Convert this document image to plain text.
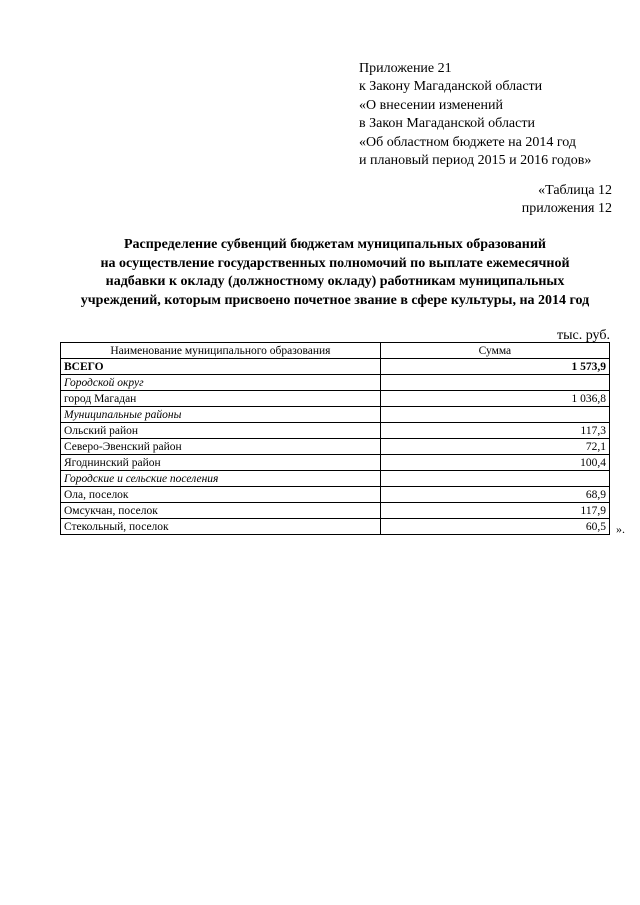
Приложение 21
к Закону Магаданской области
«О внесении изменений
в Закон Магаданской области
«Об областном бюджете на 2014 год
и плановый период 2015 и 2016 годов»
«Таблица 12
приложения 12
Распределение субвенций бюджетам муниципальных образований
на осуществление государственных полномочий по выплате ежемесячной
надбавки к окладу (должностному окладу) работникам муниципальных
учреждений, которым присвоено почетное звание в сфере культуры, на 2014 год
тыс. руб.
Наименование муниципального образования	Сумма
ВСЕГО	1 573,9
Городской округ	
город Магадан	1 036,8
Муниципальные районы	
Ольский район	117,3
Северо-Эвенский район	72,1
Ягоднинский район	100,4
Городские и сельские поселения	
Ола, поселок	68,9
Омсукчан, поселок	117,9
Стекольный, поселок	60,5 ».
